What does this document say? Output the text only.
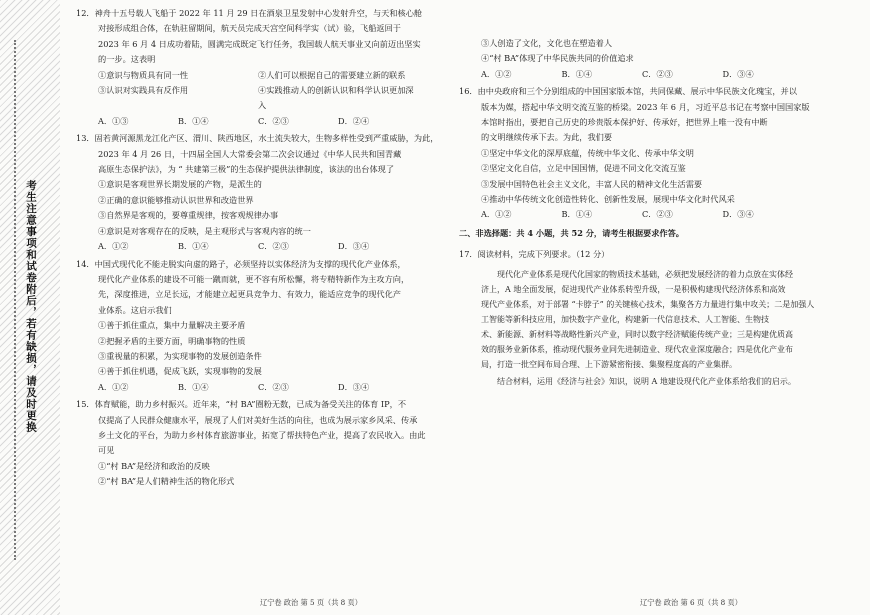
考生注意事项和试卷附后，若有缺损，请及时更换
12．神舟十五号载人飞船于 2022 年 11 月 29 日在酒泉卫星发射中心发射升空，与天和核心舱
对接形成组合体，在轨驻留期间，航天员完成天宫空间科学实（试）验，飞船返回于
2023 年 6 月 4 日成功着陆，圆满完成既定飞行任务，我国载人航天事业又向前迈出坚实
的一步。这表明
①意识与物质具有同一性	②人们可以根据自己的需要建立新的联系
③认识对实践具有反作用	④实践推动人的创新认识和科学认识更加深入
A．①③	B．①④	C．②③	D．②④
13．固若黄河源黑龙江化产区、渭川、陕西地区，水土流失较大，生物多样性受到严重威胁，为此，
2023 年 4 月 26 日，十四届全国人大常委会第二次会议通过《中华人民共和国青藏
高原生态保护法》，为 “ 共建第三极”的生态保护提供法律制度，该法的出台体现了
①意识是客观世界长期发展的产物，是派生的
②正确的意识能够推动认识世界和改造世界
③自然界是客观的，要尊重规律，按客观规律办事
④意识是对客观存在的反映，是主观形式与客观内容的统一
A．①②	B．①④	C．②③	D．③④
14．中国式现代化不能走脱实向虚的路子，必须坚持以实体经济为支撑的现代化产业体系，
现代化产业体系的建设不可能一蹴而就，更不容有所松懈，将专精特新作为主攻方向，
先，深度推进，立足长远，才能建立起更具竞争力、有效力，能适应竞争的现代化产
业体系。这启示我们
①善于抓住重点，集中力量解决主要矛盾
②把握矛盾的主要方面，明确事物的性质
③重视量的积累，为实现事物的发展创造条件
④善于抓住机遇，促成飞跃，实现事物的发展
A．①②	B．①④	C．②③	D．③④
15．体育赋能，助力乡村振兴。近年来，“村 BA”圈粉无数，已成为备受关注的体育 IP，不
仅提高了人民群众健康水平，展现了人们对美好生活的向往，也成为展示家乡风采、传承
乡土文化的平台，为助力乡村体育旅游事业，拓宽了帮扶特色产业，提高了农民收入。由此
可见
①“村 BA”是经济和政治的反映
②“村 BA”是人们精神生活的物化形式
③人创造了文化，文化也在塑造着人
④“村 BA”体现了中华民族共同的价值追求
A．①②	B．①④	C．②③	D．③④
16．由中央政府和三个分别组成的中国国家版本馆，共同保藏、展示中华民族文化瑰宝，并以
版本为媒，搭起中华文明交流互鉴的桥梁。2023 年 6 月，习近平总书记在考察中国国家版
本馆时指出，要把自己历史的珍贵版本保护好、传承好，把世界上唯一没有中断
的文明继续传承下去。为此，我们要
①坚定中华文化的深厚底蕴，传统中华文化、传承中华文明
②坚定文化自信，立足中国国情，促进不同文化交流互鉴
③发展中国特色社会主义文化，丰富人民的精神文化生活需要
④推动中华传统文化创造性转化、创新性发展，展现中华文化时代风采
A．①②	B．①④	C．②③	D．③④
二、非选择题：共 4 小题，共 52 分，请考生根据要求作答。
17．阅读材料，完成下列要求。（12 分）
现代化产业体系是现代化国家的物质技术基础，必须把发展经济的着力点放在实体经
济上，A 地全面发展，促进现代产业体系转型升级，一是积极构建现代经济体系和高效
现代产业体系，对于部署 “卡脖子” 的关键核心技术，集聚各方力量进行集中攻关；二是加强人
工智能等新科技应用，加快数字产业化，构建新一代信息技术、人工智能、生物技
术、新能源、新材料等战略性新兴产业，同时以数字经济赋能传统产业；三是构建优质高
效的服务业新体系，推动现代服务业同先进制造业、现代农业深度融合；四是优化产业布
局，打造一批空间布局合理、上下游紧密衔接、集聚程度高的产业集群。
结合材料，运用《经济与社会》知识，说明 A 地建设现代化产业体系给我们的启示。
辽宁卷 政治 第 5 页（共 8 页）	辽宁卷 政治 第 6 页（共 8 页）
